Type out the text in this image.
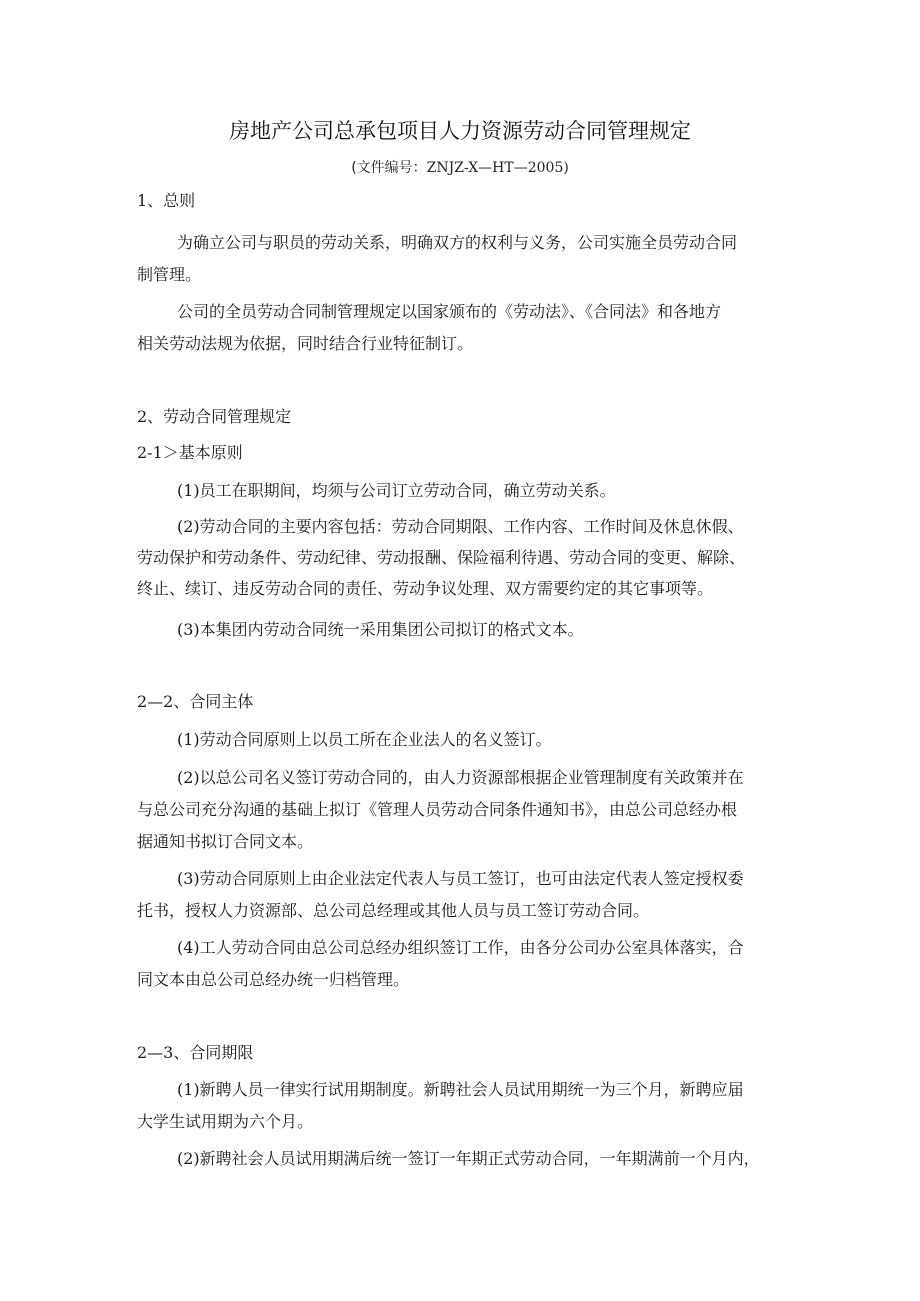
房地产公司总承包项目人力资源劳动合同管理规定
(文件编号：ZNJZ-X—HT—2005)
1、总则
为确立公司与职员的劳动关系，明确双方的权利与义务，公司实施全员劳动合同
制管理。
公司的全员劳动合同制管理规定以国家颁布的《劳动法》、《合同法》和各地方
相关劳动法规为依据，同时结合行业特征制订。
2、劳动合同管理规定
2-1＞基本原则
(1)员工在职期间，均须与公司订立劳动合同，确立劳动关系。
(2)劳动合同的主要内容包括：劳动合同期限、工作内容、工作时间及休息休假、
劳动保护和劳动条件、劳动纪律、劳动报酬、保险福利待遇、劳动合同的变更、解除、
终止、续订、违反劳动合同的责任、劳动争议处理、双方需要约定的其它事项等。
(3)本集团内劳动合同统一采用集团公司拟订的格式文本。
2—2、合同主体
(1)劳动合同原则上以员工所在企业法人的名义签订。
(2)以总公司名义签订劳动合同的，由人力资源部根据企业管理制度有关政策并在
与总公司充分沟通的基础上拟订《管理人员劳动合同条件通知书》，由总公司总经办根
据通知书拟订合同文本。
(3)劳动合同原则上由企业法定代表人与员工签订，也可由法定代表人签定授权委
托书，授权人力资源部、总公司总经理或其他人员与员工签订劳动合同。
(4)工人劳动合同由总公司总经办组织签订工作，由各分公司办公室具体落实，合
同文本由总公司总经办统一归档管理。
2—3、合同期限
(1)新聘人员一律实行试用期制度。新聘社会人员试用期统一为三个月，新聘应届
大学生试用期为六个月。
(2)新聘社会人员试用期满后统一签订一年期正式劳动合同，一年期满前一个月内，
